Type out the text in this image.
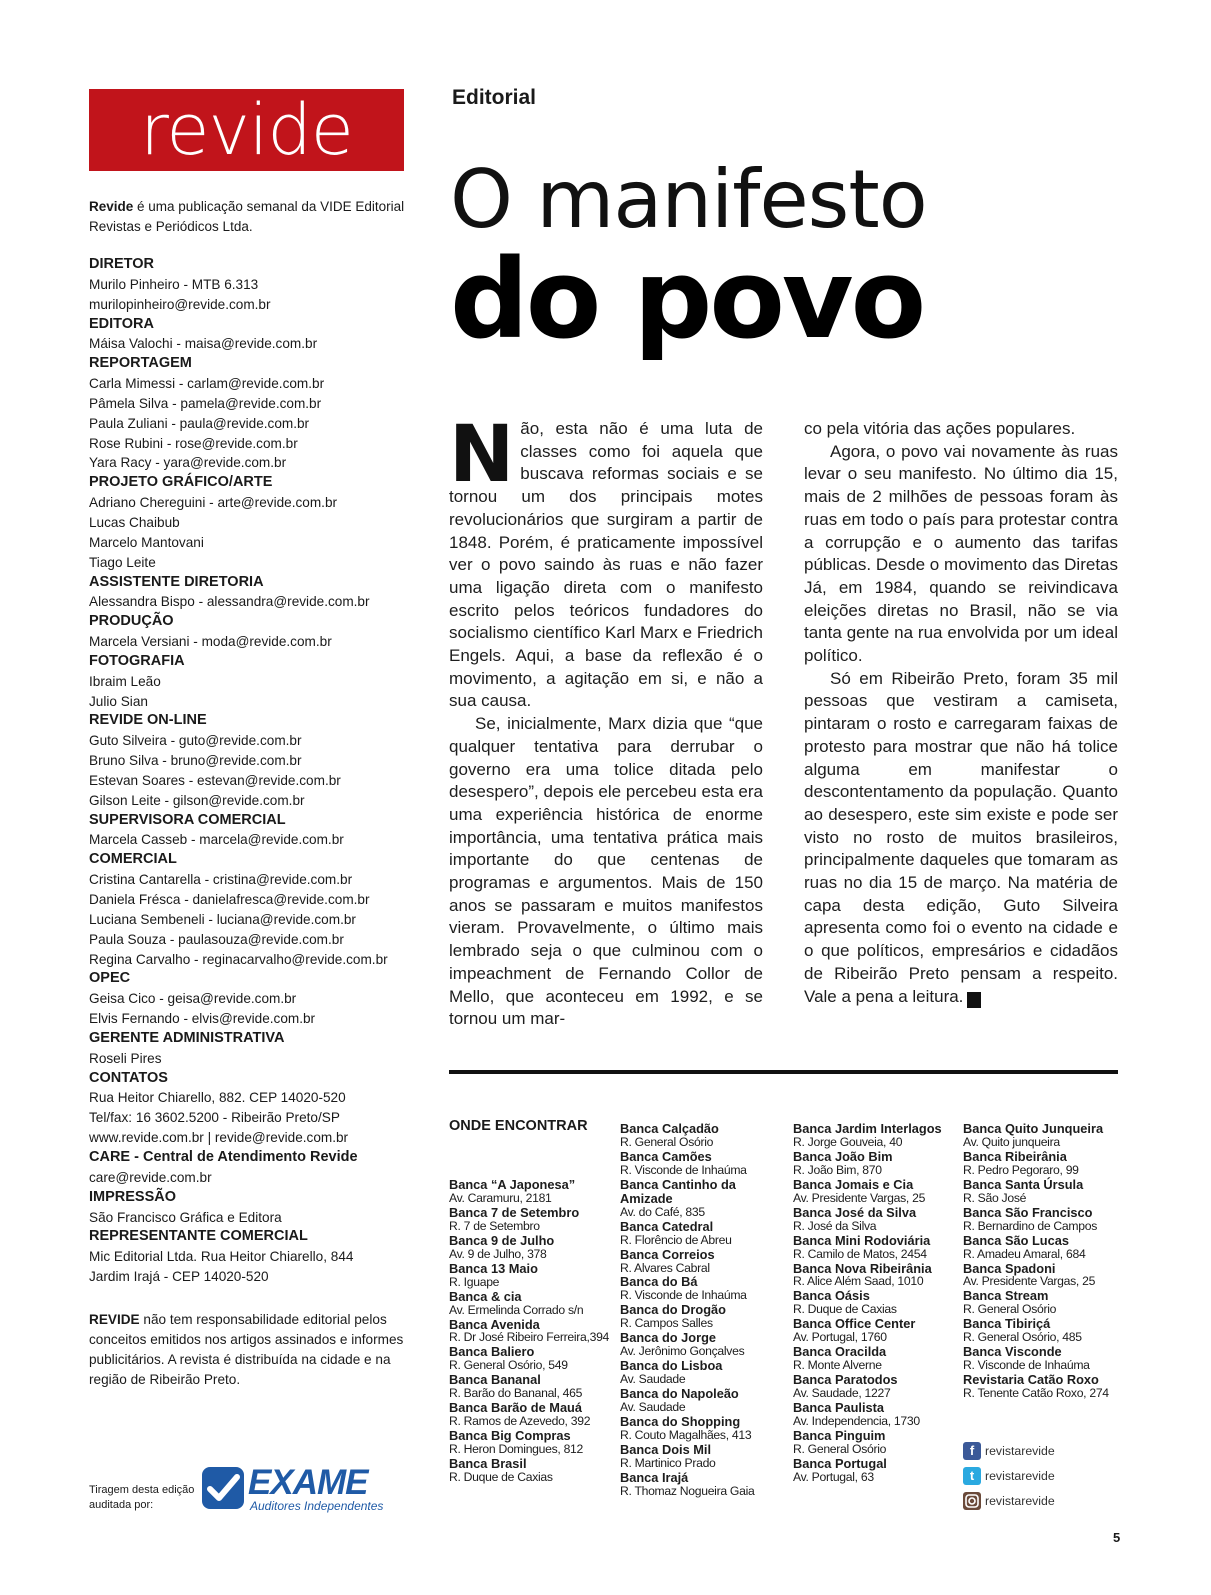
revide
Revide é uma publicação semanal da VIDE Editorial Revistas e Periódicos Ltda.
DIRETOR
Murilo Pinheiro - MTB 6.313
murilopinheiro@revide.com.br
EDITORA
Máisa Valochi - maisa@revide.com.br
REPORTAGEM
Carla Mimessi - carlam@revide.com.br
Pâmela Silva - pamela@revide.com.br
Paula Zuliani - paula@revide.com.br
Rose Rubini - rose@revide.com.br
Yara Racy - yara@revide.com.br
PROJETO GRÁFICO/ARTE
Adriano Chereguini - arte@revide.com.br
Lucas Chaibub
Marcelo Mantovani
Tiago Leite
ASSISTENTE DIRETORIA
Alessandra Bispo - alessandra@revide.com.br
PRODUÇÃO
Marcela Versiani - moda@revide.com.br
FOTOGRAFIA
Ibraim Leão
Julio Sian
REVIDE ON-LINE
Guto Silveira - guto@revide.com.br
Bruno Silva - bruno@revide.com.br
Estevan Soares - estevan@revide.com.br
Gilson Leite - gilson@revide.com.br
SUPERVISORA COMERCIAL
Marcela Casseb - marcela@revide.com.br
COMERCIAL
Cristina Cantarella - cristina@revide.com.br
Daniela Frésca - danielafresca@revide.com.br
Luciana Sembeneli - luciana@revide.com.br
Paula Souza - paulasouza@revide.com.br
Regina Carvalho - reginacarvalho@revide.com.br
OPEC
Geisa Cico - geisa@revide.com.br
Elvis Fernando - elvis@revide.com.br
GERENTE ADMINISTRATIVA
Roseli Pires
CONTATOS
Rua Heitor Chiarello, 882. CEP 14020-520
Tel/fax: 16 3602.5200 - Ribeirão Preto/SP
www.revide.com.br | revide@revide.com.br
CARE - Central de Atendimento Revide
care@revide.com.br
IMPRESSÃO
São Francisco Gráfica e Editora
REPRESENTANTE COMERCIAL
Mic Editorial Ltda. Rua Heitor Chiarello, 844
Jardim Irajá - CEP 14020-520
REVIDE não tem responsabilidade editorial pelos conceitos emitidos nos artigos assinados e informes publicitários. A revista é distribuída na cidade e na região de Ribeirão Preto.
Tiragem desta edição auditada por:
EXAME
Auditores Independentes
Editorial
O manifesto
do povo

Não, esta não é uma luta de classes como foi aquela que buscava reformas sociais e se tornou um dos principais motes revolucionários que surgiram a partir de 1848. Porém, é praticamente impossível ver o povo saindo às ruas e não fazer uma ligação direta com o manifesto escrito pelos teóricos fundadores do socialismo científico Karl Marx e Friedrich Engels. Aqui, a base da reflexão é o movimento, a agitação em si, e não a sua causa.

Se, inicialmente, Marx dizia que “que qualquer tentativa para derrubar o governo era uma tolice ditada pelo desespero”, depois ele percebeu esta era uma experiência histórica de enorme importância, uma tentativa prática mais importante do que centenas de programas e argumentos. Mais de 150 anos se passaram e muitos manifestos vieram. Provavelmente, o último mais lembrado seja o que culminou com o impeachment de Fernando Collor de Mello, que aconteceu em 1992, e se tornou um mar-

co pela vitória das ações populares.

Agora, o povo vai novamente às ruas levar o seu manifesto. No último dia 15, mais de 2 milhões de pessoas foram às ruas em todo o país para protestar contra a corrupção e o aumento das tarifas públicas. Desde o movimento das Diretas Já, em 1984, quando se reivindicava eleições diretas no Brasil, não se via tanta gente na rua envolvida por um ideal político.

Só em Ribeirão Preto, foram 35 mil pessoas que vestiram a camiseta, pintaram o rosto e carregaram faixas de protesto para mostrar que não há tolice alguma em manifestar o descontentamento da população. Quanto ao desespero, este sim existe e pode ser visto no rosto de muitos brasileiros, principalmente daqueles que tomaram as ruas no dia 15 de março. Na matéria de capa desta edição, Guto Silveira apresenta como foi o evento na cidade e o que políticos, empresários e cidadãos de Ribeirão Preto pensam a respeito. Vale a pena a leitura.	r

ONDE ENCONTRAR
Banca “A Japonesa”
Av. Caramuru, 2181
Banca 7 de Setembro
R. 7 de Setembro
Banca 9 de Julho
Av. 9 de Julho, 378
Banca 13 Maio
R. Iguape
Banca & cia
Av. Ermelinda Corrado s/n
Banca Avenida
R. Dr José Ribeiro Ferreira,394
Banca Baliero
R. General Osório, 549
Banca Bananal
R. Barão do Bananal, 465
Banca Barão de Mauá
R. Ramos de Azevedo, 392
Banca Big Compras
R. Heron Domingues, 812
Banca Brasil
R. Duque de Caxias
Banca Calçadão
R. General Osório
Banca Camões
R. Visconde de Inhaúma
Banca Cantinho da Amizade
Av. do Café, 835
Banca Catedral
R. Florêncio de Abreu
Banca Correios
R. Alvares Cabral
Banca do Bá
R. Visconde de Inhaúma
Banca do Drogão
R. Campos Salles
Banca do Jorge
Av. Jerônimo Gonçalves
Banca do Lisboa
Av. Saudade
Banca do Napoleão
Av. Saudade
Banca do Shopping
R. Couto Magalhães, 413
Banca Dois Mil
R. Martinico Prado
Banca Irajá
R. Thomaz Nogueira Gaia
Banca Jardim Interlagos
R. Jorge Gouveia, 40
Banca João Bim
R. João Bim, 870
Banca Jomais e Cia
Av. Presidente Vargas, 25
Banca José da Silva
R. José da Silva
Banca Mini Rodoviária
R. Camilo de Matos, 2454
Banca Nova Ribeirânia
R. Alice Além Saad, 1010
Banca Oásis
R. Duque de Caxias
Banca Office Center
Av. Portugal, 1760
Banca Oracilda
R. Monte Alverne
Banca Paratodos
Av. Saudade, 1227
Banca Paulista
Av. Independencia, 1730
Banca Pinguim
R. General Osório
Banca Portugal
Av. Portugal, 63
Banca Quito Junqueira
Av. Quito junqueira
Banca Ribeirânia
R. Pedro Pegoraro, 99
Banca Santa Úrsula
R. São José
Banca São Francisco
R. Bernardino de Campos
Banca São Lucas
R. Amadeu Amaral, 684
Banca Spadoni
Av. Presidente Vargas, 25
Banca Stream
R. General Osório
Banca Tibiriçá
R. General Osório, 485
Banca Visconde
R. Visconde de Inhaúma
Revistaria Catão Roxo
R. Tenente Catão Roxo, 274
f revistarevide
t revistarevide
revistarevide
5
